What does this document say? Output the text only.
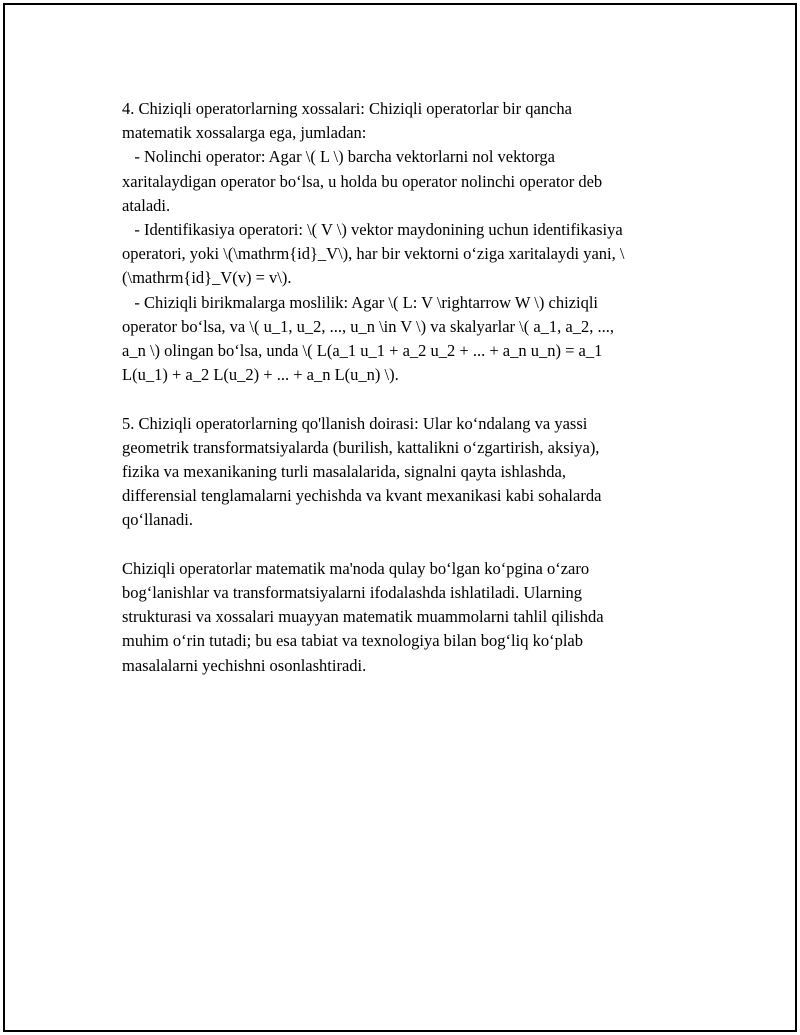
4. Chiziqli operatorlarning xossalari: Chiziqli operatorlar bir qancha
matematik xossalarga ega, jumladan:
- Nolinchi operator: Agar \( L \) barcha vektorlarni nol vektorga
xaritalaydigan operator bo‘lsa, u holda bu operator nolinchi operator deb
ataladi.
- Identifikasiya operatori: \( V \) vektor maydonining uchun identifikasiya
operatori, yoki \(\mathrm{id}_V\), har bir vektorni o‘ziga xaritalaydi yani, \
(\mathrm{id}_V(v) = v\).
- Chiziqli birikmalarga moslilik: Agar \( L: V \rightarrow W \) chiziqli
operator bo‘lsa, va \( u_1, u_2, ..., u_n \in V \) va skalyarlar \( a_1, a_2, ...,
a_n \) olingan bo‘lsa, unda \( L(a_1 u_1 + a_2 u_2 + ... + a_n u_n) = a_1
L(u_1) + a_2 L(u_2) + ... + a_n L(u_n) \).
5. Chiziqli operatorlarning qo'llanish doirasi: Ular ko‘ndalang va yassi
geometrik transformatsiyalarda (burilish, kattalikni o‘zgartirish, aksiya),
fizika va mexanikaning turli masalalarida, signalni qayta ishlashda,
differensial tenglamalarni yechishda va kvant mexanikasi kabi sohalarda
qo‘llanadi.
Chiziqli operatorlar matematik ma'noda qulay bo‘lgan ko‘pgina o‘zaro
bog‘lanishlar va transformatsiyalarni ifodalashda ishlatiladi. Ularning
strukturasi va xossalari muayyan matematik muammolarni tahlil qilishda
muhim o‘rin tutadi; bu esa tabiat va texnologiya bilan bog‘liq ko‘plab
masalalarni yechishni osonlashtiradi.
